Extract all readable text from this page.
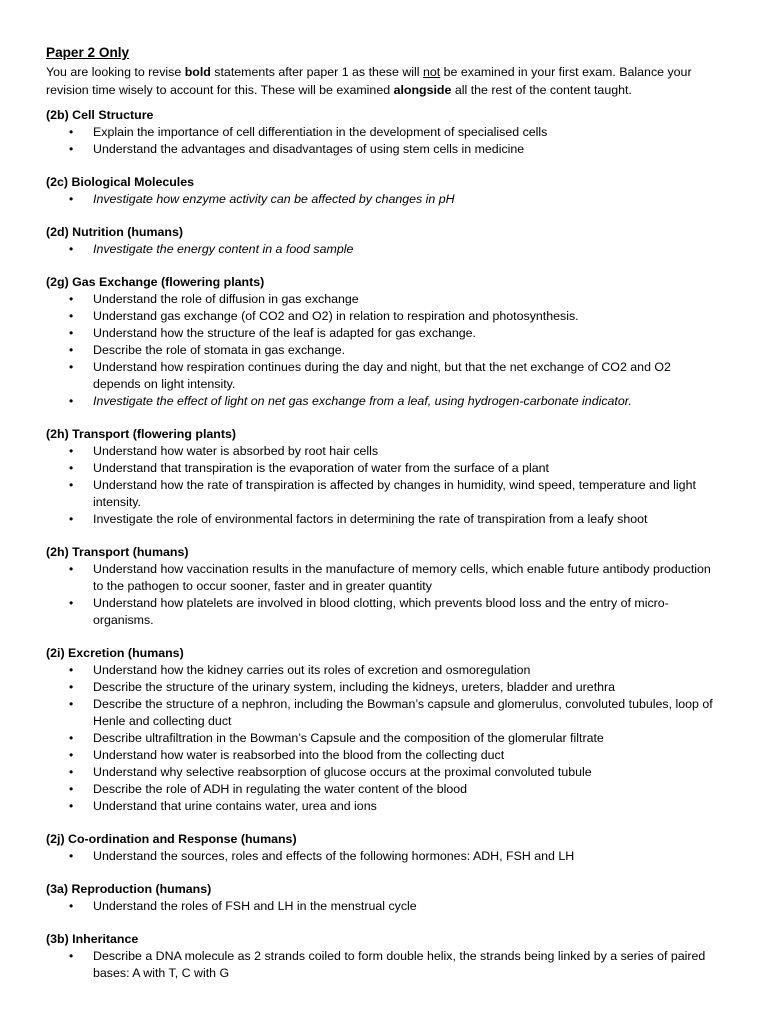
Paper 2 Only

You are looking to revise bold statements after paper 1 as these will not be examined in your first exam. Balance your revision time wisely to account for this. These will be examined alongside all the rest of the content taught.

(2b) Cell Structure
• Explain the importance of cell differentiation in the development of specialised cells
• Understand the advantages and disadvantages of using stem cells in medicine
(2c) Biological Molecules
• Investigate how enzyme activity can be affected by changes in pH
(2d) Nutrition (humans)
• Investigate the energy content in a food sample
(2g) Gas Exchange (flowering plants)
• Understand the role of diffusion in gas exchange
• Understand gas exchange (of CO2 and O2) in relation to respiration and photosynthesis.
• Understand how the structure of the leaf is adapted for gas exchange.
• Describe the role of stomata in gas exchange.
• Understand how respiration continues during the day and night, but that the net exchange of CO2 and O2 depends on light intensity.
• Investigate the effect of light on net gas exchange from a leaf, using hydrogen-carbonate indicator.
(2h) Transport (flowering plants)
• Understand how water is absorbed by root hair cells
• Understand that transpiration is the evaporation of water from the surface of a plant
• Understand how the rate of transpiration is affected by changes in humidity, wind speed, temperature and light intensity.
• Investigate the role of environmental factors in determining the rate of transpiration from a leafy shoot
(2h) Transport (humans)
• Understand how vaccination results in the manufacture of memory cells, which enable future antibody production to the pathogen to occur sooner, faster and in greater quantity
• Understand how platelets are involved in blood clotting, which prevents blood loss and the entry of micro-organisms.
(2i) Excretion (humans)
• Understand how the kidney carries out its roles of excretion and osmoregulation
• Describe the structure of the urinary system, including the kidneys, ureters, bladder and urethra
• Describe the structure of a nephron, including the Bowman’s capsule and glomerulus, convoluted tubules, loop of Henle and collecting duct
• Describe ultrafiltration in the Bowman’s Capsule and the composition of the glomerular filtrate
• Understand how water is reabsorbed into the blood from the collecting duct
• Understand why selective reabsorption of glucose occurs at the proximal convoluted tubule
• Describe the role of ADH in regulating the water content of the blood
• Understand that urine contains water, urea and ions
(2j) Co-ordination and Response (humans)
• Understand the sources, roles and effects of the following hormones: ADH, FSH and LH
(3a) Reproduction (humans)
• Understand the roles of FSH and LH in the menstrual cycle
(3b) Inheritance
• Describe a DNA molecule as 2 strands coiled to form double helix, the strands being linked by a series of paired bases: A with T, C with G
